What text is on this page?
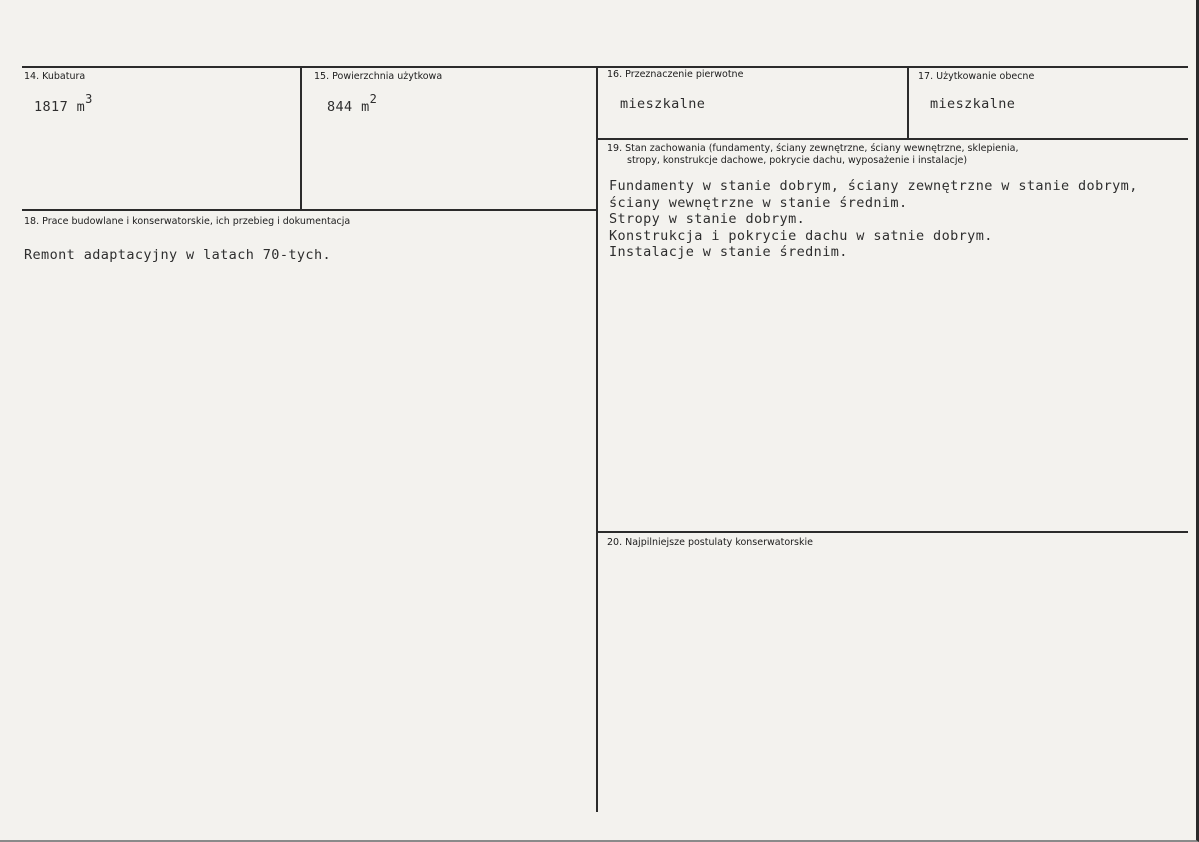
14. Kubatura
1817 m3
15. Powierzchnia użytkowa
844 m2
16. Przeznaczenie pierwotne
mieszkalne
17. Użytkowanie obecne
mieszkalne
18. Prace budowlane i konserwatorskie, ich przebieg i dokumentacja
Remont adaptacyjny w latach 70-tych.
19. Stan zachowania (fundamenty, ściany zewnętrzne, ściany wewnętrzne, sklepienia,
stropy, konstrukcje dachowe, pokrycie dachu, wyposażenie i instalacje)
Fundamenty w stanie dobrym, ściany zewnętrzne w stanie dobrym,
ściany wewnętrzne w stanie średnim.
Stropy w stanie dobrym.
Konstrukcja i pokrycie dachu w satnie dobrym.
Instalacje w stanie średnim.
20. Najpilniejsze postulaty konserwatorskie
